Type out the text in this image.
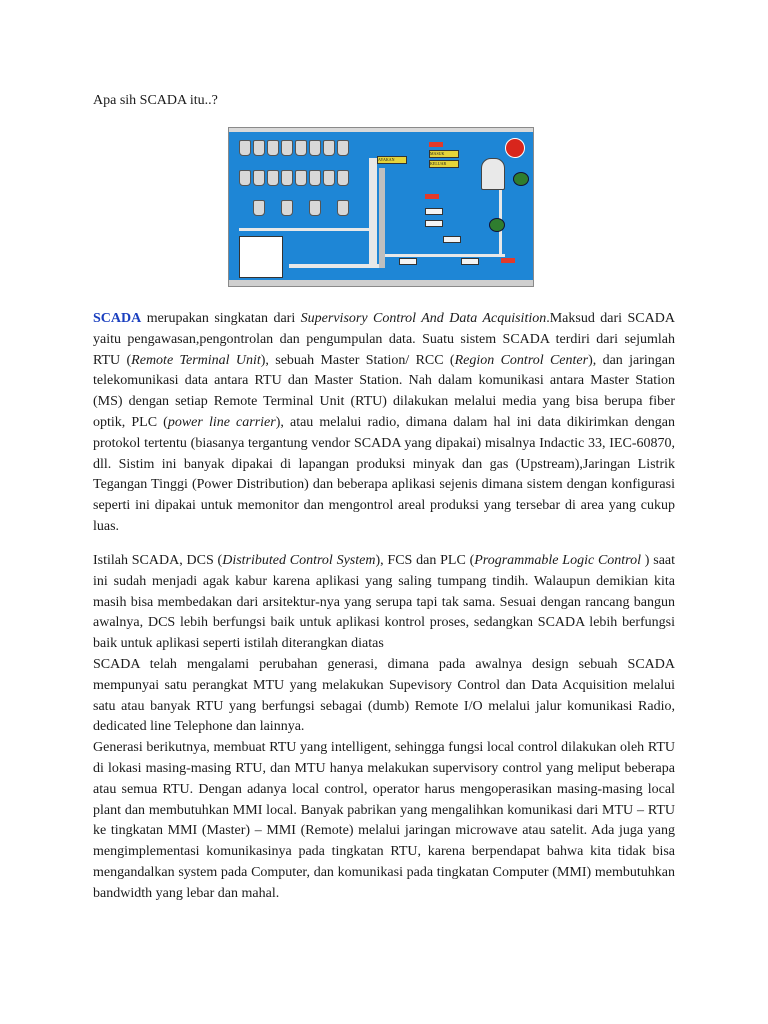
Apa sih SCADA itu..?
AYAKAN
MASUK
KELUAR

SCADA merupakan singkatan dari Supervisory Control And Data Acquisition.Maksud dari SCADA yaitu pengawasan,pengontrolan dan pengumpulan data. Suatu sistem SCADA terdiri dari sejumlah RTU (Remote Terminal Unit), sebuah Master Station/ RCC (Region Control Center), dan jaringan telekomunikasi data antara RTU dan Master Station. Nah dalam komunikasi antara Master Station (MS) dengan setiap Remote Terminal Unit (RTU) dilakukan melalui media yang bisa berupa fiber optik, PLC (power line carrier), atau melalui radio, dimana dalam hal ini data dikirimkan dengan protokol tertentu (biasanya tergantung vendor SCADA yang dipakai) misalnya Indactic 33, IEC-60870, dll. Sistim ini banyak dipakai di lapangan produksi minyak dan gas (Upstream),Jaringan Listrik Tegangan Tinggi (Power Distribution) dan beberapa aplikasi sejenis dimana sistem dengan konfigurasi seperti ini dipakai untuk memonitor dan mengontrol areal produksi yang tersebar di area yang cukup luas.

Istilah SCADA, DCS (Distributed Control System), FCS dan PLC (Programmable Logic Control ) saat ini sudah menjadi agak kabur karena aplikasi yang saling tumpang tindih. Walaupun demikian kita masih bisa membedakan dari arsitektur-nya yang serupa tapi tak sama. Sesuai dengan rancang bangun awalnya, DCS lebih berfungsi baik untuk aplikasi kontrol proses, sedangkan SCADA lebih berfungsi baik untuk aplikasi seperti istilah diterangkan diatas
SCADA telah mengalami perubahan generasi, dimana pada awalnya design sebuah SCADA mempunyai satu perangkat MTU yang melakukan Supevisory Control dan Data Acquisition melalui satu atau banyak RTU yang berfungsi sebagai (dumb) Remote I/O melalui jalur komunikasi Radio, dedicated line Telephone dan lainnya.
Generasi berikutnya, membuat RTU yang intelligent, sehingga fungsi local control dilakukan oleh RTU di lokasi masing-masing RTU, dan MTU hanya melakukan supervisory control yang meliput beberapa atau semua RTU. Dengan adanya local control, operator harus mengoperasikan masing-masing local plant dan membutuhkan MMI local. Banyak pabrikan yang mengalihkan komunikasi dari MTU – RTU ke tingkatan MMI (Master) – MMI (Remote) melalui jaringan microwave atau satelit. Ada juga yang mengimplementasi komunikasinya pada tingkatan RTU, karena berpendapat bahwa kita tidak bisa mengandalkan system pada Computer, dan komunikasi pada tingkatan Computer (MMI) membutuhkan bandwidth yang lebar dan mahal.
